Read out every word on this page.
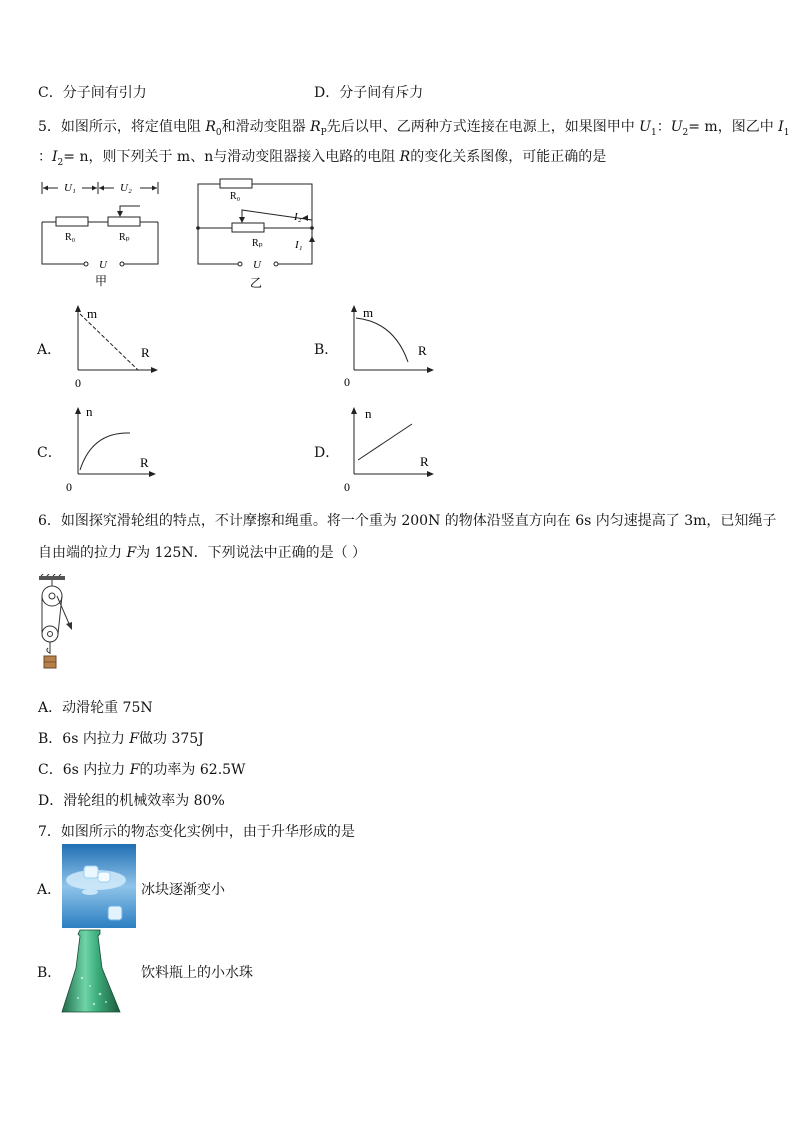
C．分子间有引力	D．分子间有斥力
5．如图所示，将定值电阻 $R_0$和滑动变阻器 $R_P$先后以甲、乙两种方式连接在电源上，如果图甲中 $U_1$：$U_2= m$，图乙中 $I_1$
：$I_2= n$，则下列关于 m、n与滑动变阻器接入电路的电阻 R的变化关系图像，可能正确的是
U₁	U₂
R₀	Rₚ
U
甲
R₀
Rₚ
I₂
I₁
U
乙
A．
m
R
0
B．
m
R
0
C．
n
R
0
D．
n
R
0
6．如图探究滑轮组的特点，不计摩擦和绳重。将一个重为 200N 的物体沿竖直方向在 6s 内匀速提高了 3m，已知绳子
自由端的拉力 F为 125N．下列说法中正确的是（ ）
A．动滑轮重 75N
B．6s 内拉力 F做功 375J
C．6s 内拉力 F的功率为 62.5W
D．滑轮组的机械效率为 80%
7．如图所示的物态变化实例中，由于升华形成的是
A．	冰块逐渐变小
B．	饮料瓶上的小水珠
